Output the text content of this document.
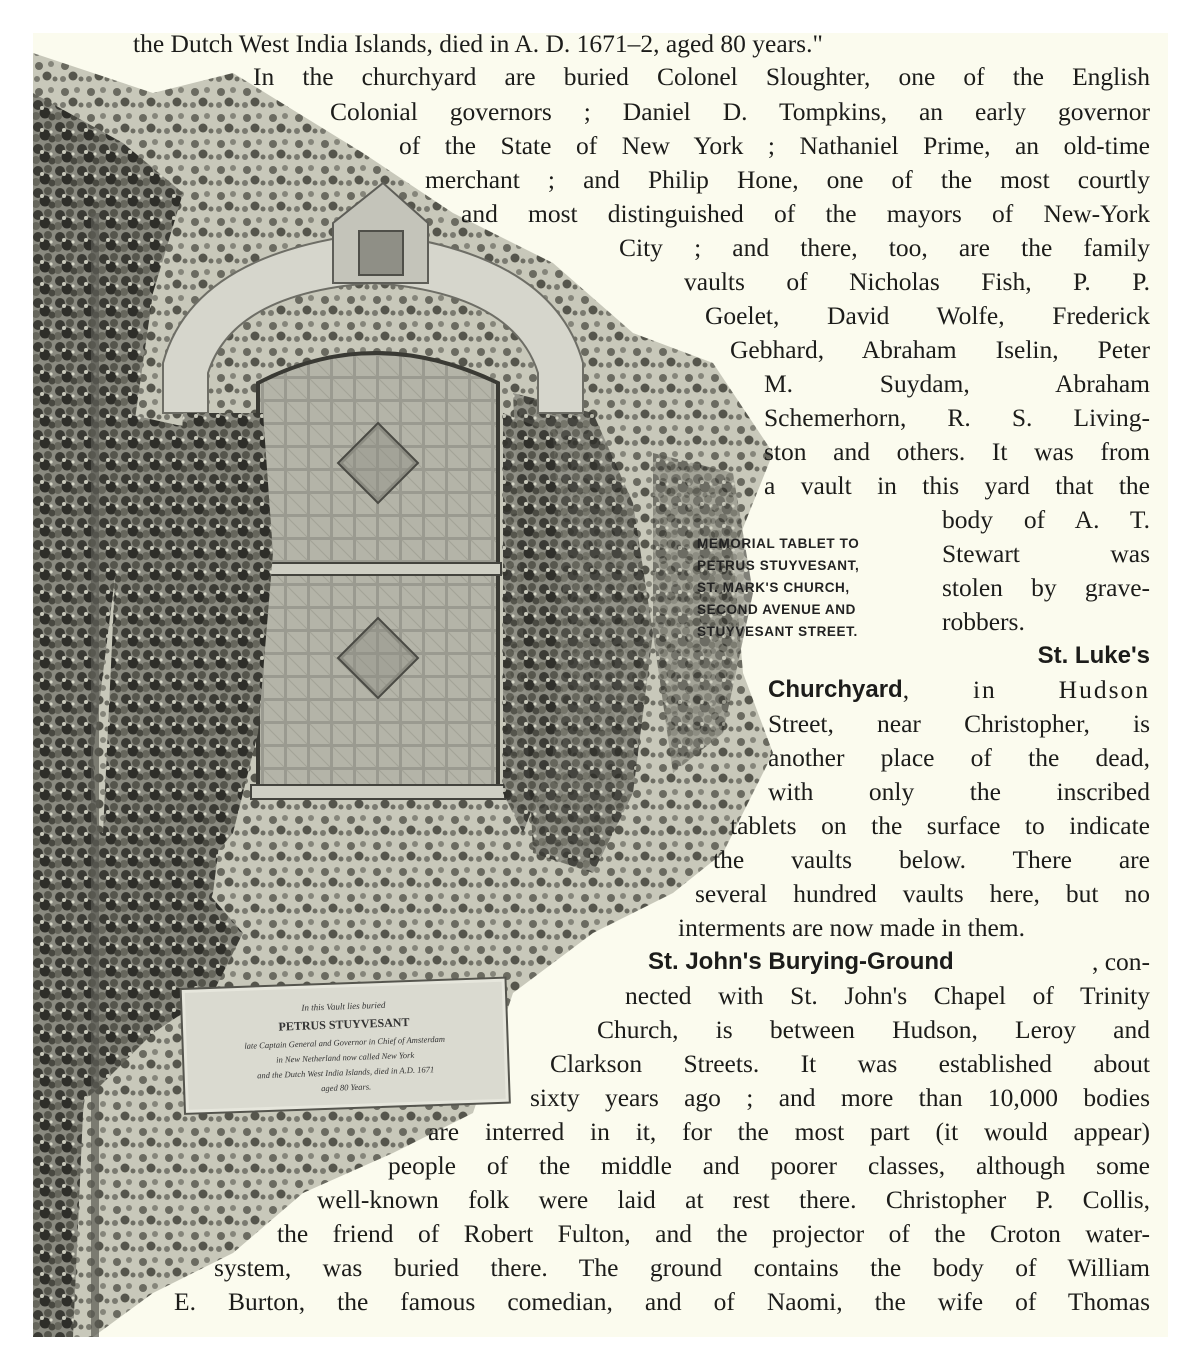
In this Vault lies buried
PETRUS STUYVESANT
late Captain General and Governor in Chief of Amsterdam
in New Netherland now called New York
and the Dutch West India Islands, died in A.D. 1671
aged 80 Years.
MEMORIAL TABLET TO
PETRUS STUYVESANT,
ST. MARK'S CHURCH,
SECOND AVENUE AND
STUYVESANT STREET.
the Dutch West India Islands, died in A. D. 1671–2, aged 80 years."
In the churchyard are buried Colonel Sloughter, one of the English
Colonial governors ; Daniel D. Tompkins, an early governor
of the State of New York ; Nathaniel Prime, an old-time
merchant ; and Philip Hone, one of the most courtly
and most distinguished of the mayors of New-York
City ; and there, too, are the family
vaults of Nicholas Fish, P. P.
Goelet, David Wolfe, Frederick
Gebhard, Abraham Iselin, Peter
M. Suydam, Abraham
Schemerhorn, R. S. Living-
ston and others. It was from
a vault in this yard that the
body of A. T.
Stewart was
stolen by grave-
robbers.
St. Luke's
Churchyard , in Hudson
Street, near Christopher, is
another place of the dead,
with only the inscribed
tablets on the surface to indicate
the vaults below. There are
several hundred vaults here, but no
interments are now made in them.
St. John's Burying-Ground	, con-
nected with St. John's Chapel of Trinity
Church, is between Hudson, Leroy and
Clarkson Streets. It was established about
sixty years ago ; and more than 10,000 bodies
are interred in it, for the most part (it would appear)
people of the middle and poorer classes, although some
well-known folk were laid at rest there. Christopher P. Collis,
the friend of Robert Fulton, and the projector of the Croton water-
system, was buried there. The ground contains the body of William
E. Burton, the famous comedian, and of Naomi, the wife of Thomas
